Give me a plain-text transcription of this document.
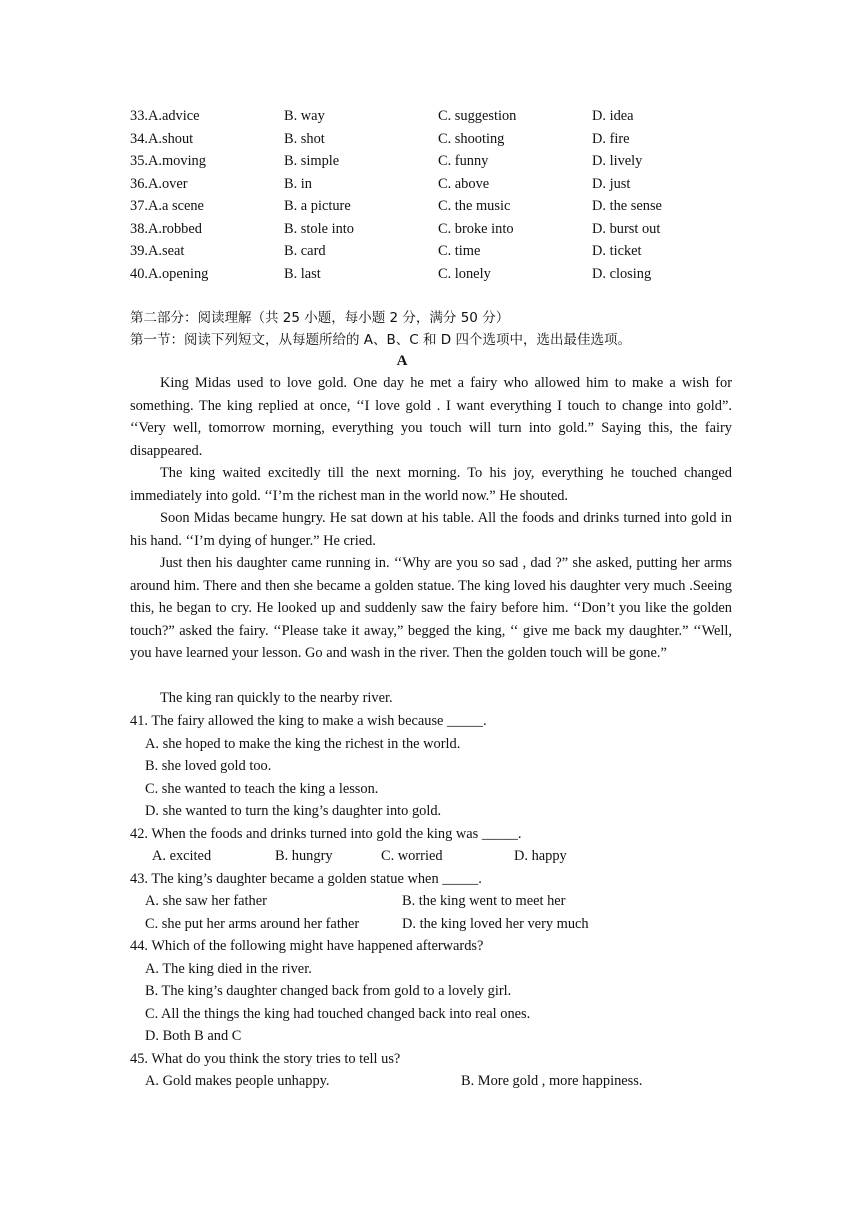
33.A.advice	B. way	C. suggestion	D. idea
34.A.shout	B. shot	C. shooting	D. fire
35.A.moving	B. simple	C. funny	D. lively
36.A.over	B. in	C. above	D. just
37.A.a scene	B. a picture	C. the music	D. the sense
38.A.robbed	B. stole into	C. broke into	D. burst out
39.A.seat	B. card	C. time	D. ticket
40.A.opening	B. last	C. lonely	D. closing
第二部分：阅读理解（共 25 小题，每小题 2 分，满分 50 分）
第一节：阅读下列短文，从每题所给的 A、B、C 和 D 四个选项中，选出最佳选项。
A
King Midas used to love gold. One day he met a fairy who allowed him to make a wish for something. The king replied at once, ‘‘I love gold . I want everything I touch to change into gold”. ‘‘Very well, tomorrow morning, everything you touch will turn into gold.” Saying this, the fairy disappeared.
The king waited excitedly till the next morning. To his joy, everything he touched changed immediately into gold. ‘‘I’m the richest man in the world now.” He shouted.
Soon Midas became hungry. He sat down at his table. All the foods and drinks turned into gold in his hand. ‘‘I’m dying of hunger.” He cried.
Just then his daughter came running in. ‘‘Why are you so sad , dad ?” she asked, putting her arms around him. There and then she became a golden statue. The king loved his daughter very much .Seeing this, he began to cry. He looked up and suddenly saw the fairy before him. ‘‘Don’t you like the golden touch?” asked the fairy. ‘‘Please take it away,” begged the king, ‘‘ give me back my daughter.” ‘‘Well, you have learned your lesson. Go and wash in the river. Then the golden touch will be gone.”
The king ran quickly to the nearby river.
41. The fairy allowed the king to make a wish because _____.
A. she hoped to make the king the richest in the world.
B. she loved gold too.
C. she wanted to teach the king a lesson.
D. she wanted to turn the king’s daughter into gold.
42. When the foods and drinks turned into gold the king was _____.
A. excited	B. hungry	C. worried	D. happy
43. The king’s daughter became a golden statue when _____.
A. she saw her father	B. the king went to meet her
C. she put her arms around her father	D. the king loved her very much
44. Which of the following might have happened afterwards?
A. The king died in the river.
B. The king’s daughter changed back from gold to a lovely girl.
C. All the things the king had touched changed back into real ones.
D. Both B and C
45. What do you think the story tries to tell us?
A. Gold makes people unhappy.	B. More gold , more happiness.
